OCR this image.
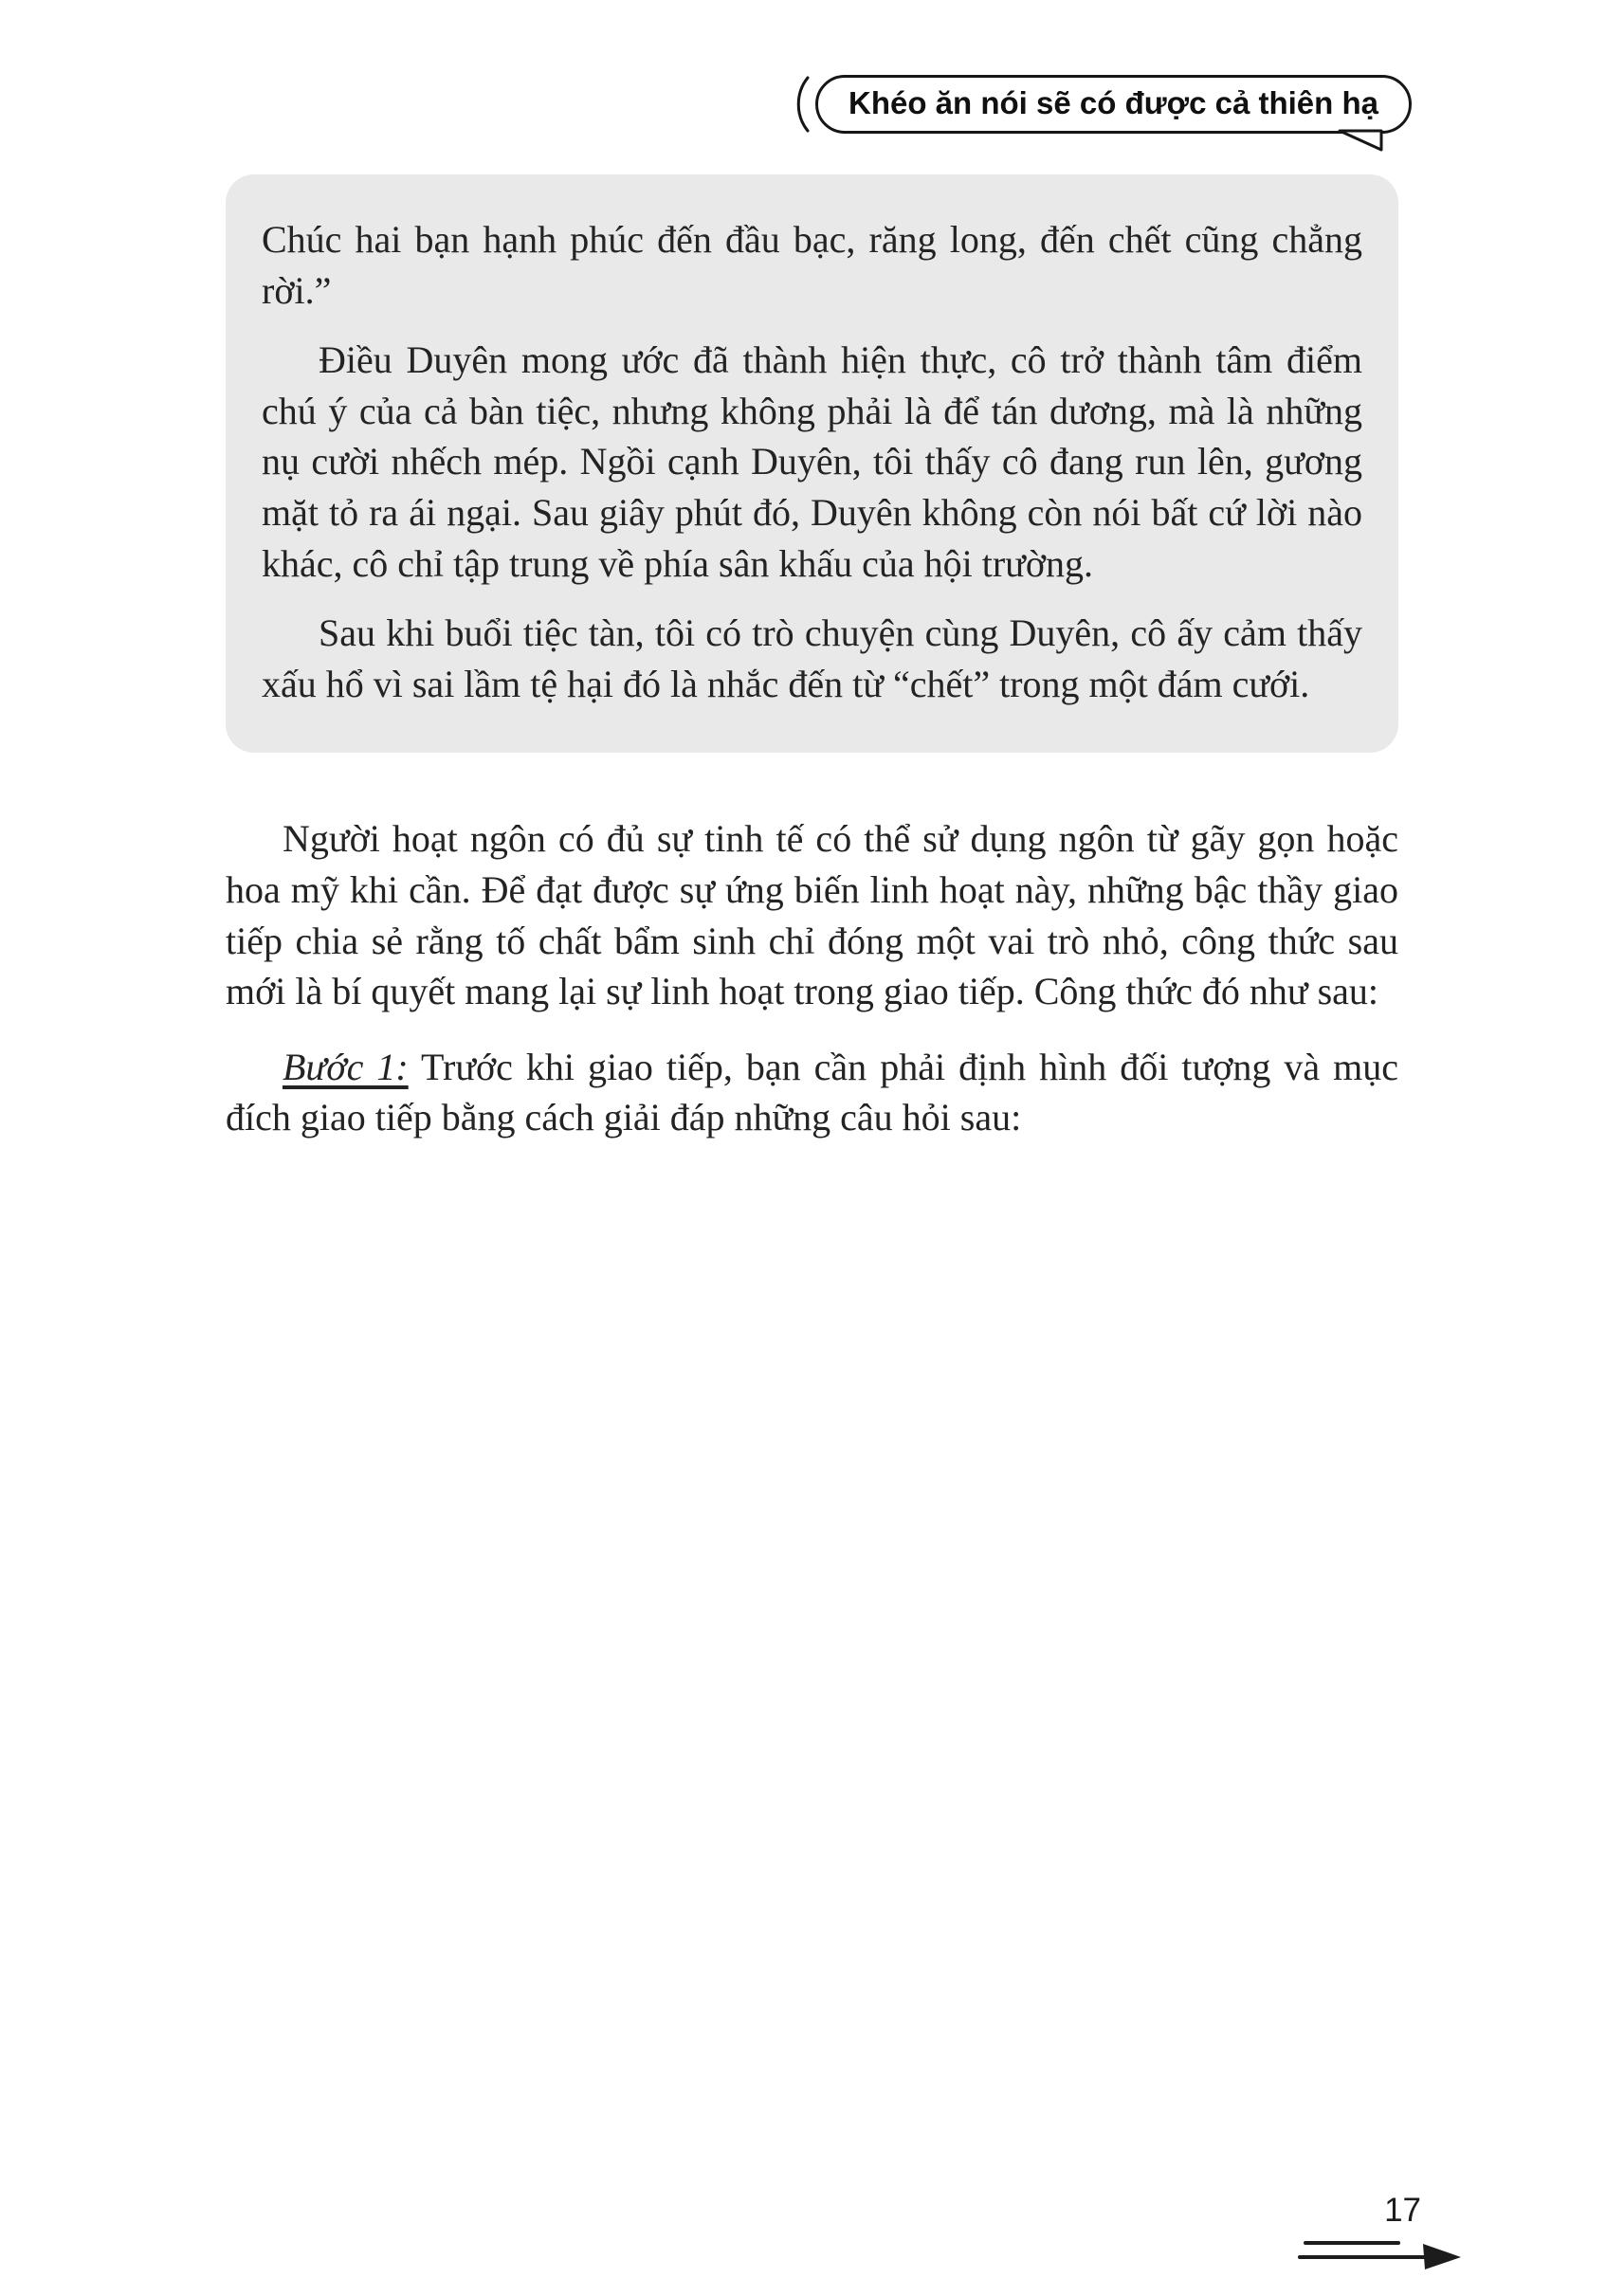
Khéo ăn nói sẽ có được cả thiên hạ

Chúc hai bạn hạnh phúc đến đầu bạc, răng long, đến chết cũng chẳng rời.”

Điều Duyên mong ước đã thành hiện thực, cô trở thành tâm điểm chú ý của cả bàn tiệc, nhưng không phải là để tán dương, mà là những nụ cười nhếch mép. Ngồi cạnh Duyên, tôi thấy cô đang run lên, gương mặt tỏ ra ái ngại. Sau giây phút đó, Duyên không còn nói bất cứ lời nào khác, cô chỉ tập trung về phía sân khấu của hội trường.

Sau khi buổi tiệc tàn, tôi có trò chuyện cùng Duyên, cô ấy cảm thấy xấu hổ vì sai lầm tệ hại đó là nhắc đến từ “chết” trong một đám cưới.

Người hoạt ngôn có đủ sự tinh tế có thể sử dụng ngôn từ gãy gọn hoặc hoa mỹ khi cần. Để đạt được sự ứng biến linh hoạt này, những bậc thầy giao tiếp chia sẻ rằng tố chất bẩm sinh chỉ đóng một vai trò nhỏ, công thức sau mới là bí quyết mang lại sự linh hoạt trong giao tiếp. Công thức đó như sau:

Bước 1: Trước khi giao tiếp, bạn cần phải định hình đối tượng và mục đích giao tiếp bằng cách giải đáp những câu hỏi sau:

17
